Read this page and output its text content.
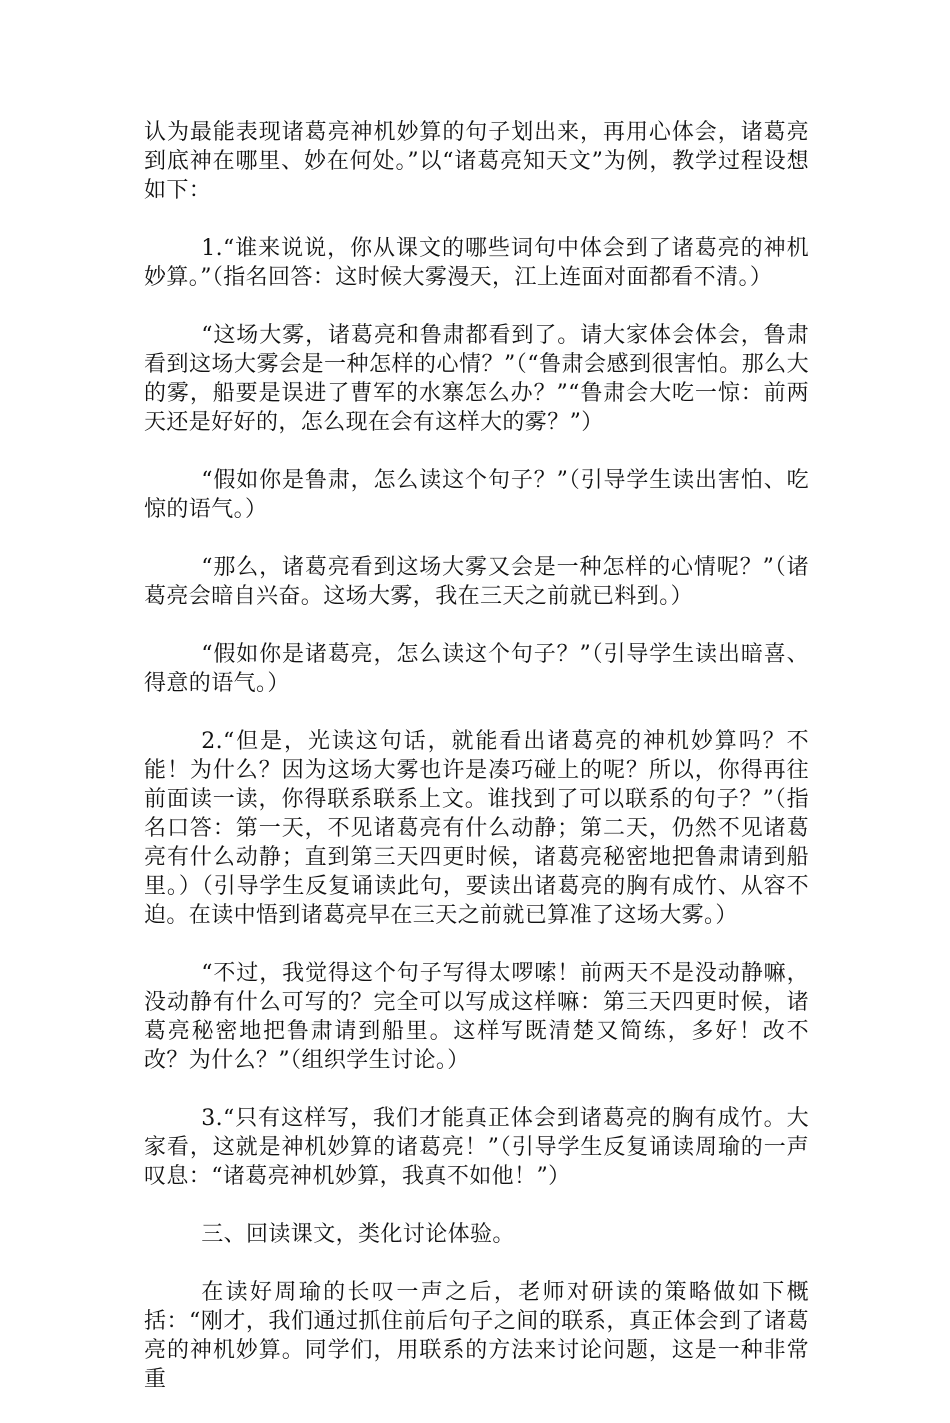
认为最能表现诸葛亮神机妙算的句子划出来，再用心体会，诸葛亮到底神在哪里、妙在何处。”以“诸葛亮知天文”为例，教学过程设想如下：

1.“谁来说说，你从课文的哪些词句中体会到了诸葛亮的神机妙算。”（指名回答：这时候大雾漫天，江上连面对面都看不清。）

“这场大雾，诸葛亮和鲁肃都看到了。请大家体会体会，鲁肃看到这场大雾会是一种怎样的心情？”（“鲁肃会感到很害怕。那么大的雾，船要是误进了曹军的水寨怎么办？”“鲁肃会大吃一惊：前两天还是好好的，怎么现在会有这样大的雾？”）

“假如你是鲁肃，怎么读这个句子？”（引导学生读出害怕、吃惊的语气。）

“那么，诸葛亮看到这场大雾又会是一种怎样的心情呢？”（诸葛亮会暗自兴奋。这场大雾，我在三天之前就已料到。）

“假如你是诸葛亮，怎么读这个句子？”（引导学生读出暗喜、得意的语气。）

2.“但是，光读这句话，就能看出诸葛亮的神机妙算吗？不能！为什么？因为这场大雾也许是凑巧碰上的呢？所以，你得再往前面读一读，你得联系联系上文。谁找到了可以联系的句子？”（指名口答：第一天，不见诸葛亮有什么动静；第二天，仍然不见诸葛亮有什么动静；直到第三天四更时候，诸葛亮秘密地把鲁肃请到船里。）（引导学生反复诵读此句，要读出诸葛亮的胸有成竹、从容不迫。在读中悟到诸葛亮早在三天之前就已算准了这场大雾。）

“不过，我觉得这个句子写得太啰嗦！前两天不是没动静嘛，没动静有什么可写的？完全可以写成这样嘛：第三天四更时候，诸葛亮秘密地把鲁肃请到船里。这样写既清楚又简练，多好！改不改？为什么？”（组织学生讨论。）

3.“只有这样写，我们才能真正体会到诸葛亮的胸有成竹。大家看，这就是神机妙算的诸葛亮！”（引导学生反复诵读周瑜的一声叹息：“诸葛亮神机妙算，我真不如他！”）

三、回读课文，类化讨论体验。

在读好周瑜的长叹一声之后，老师对研读的策略做如下概括：“刚才，我们通过抓住前后句子之间的联系，真正体会到了诸葛亮的神机妙算。同学们，用联系的方法来讨论问题，这是一种非常重
